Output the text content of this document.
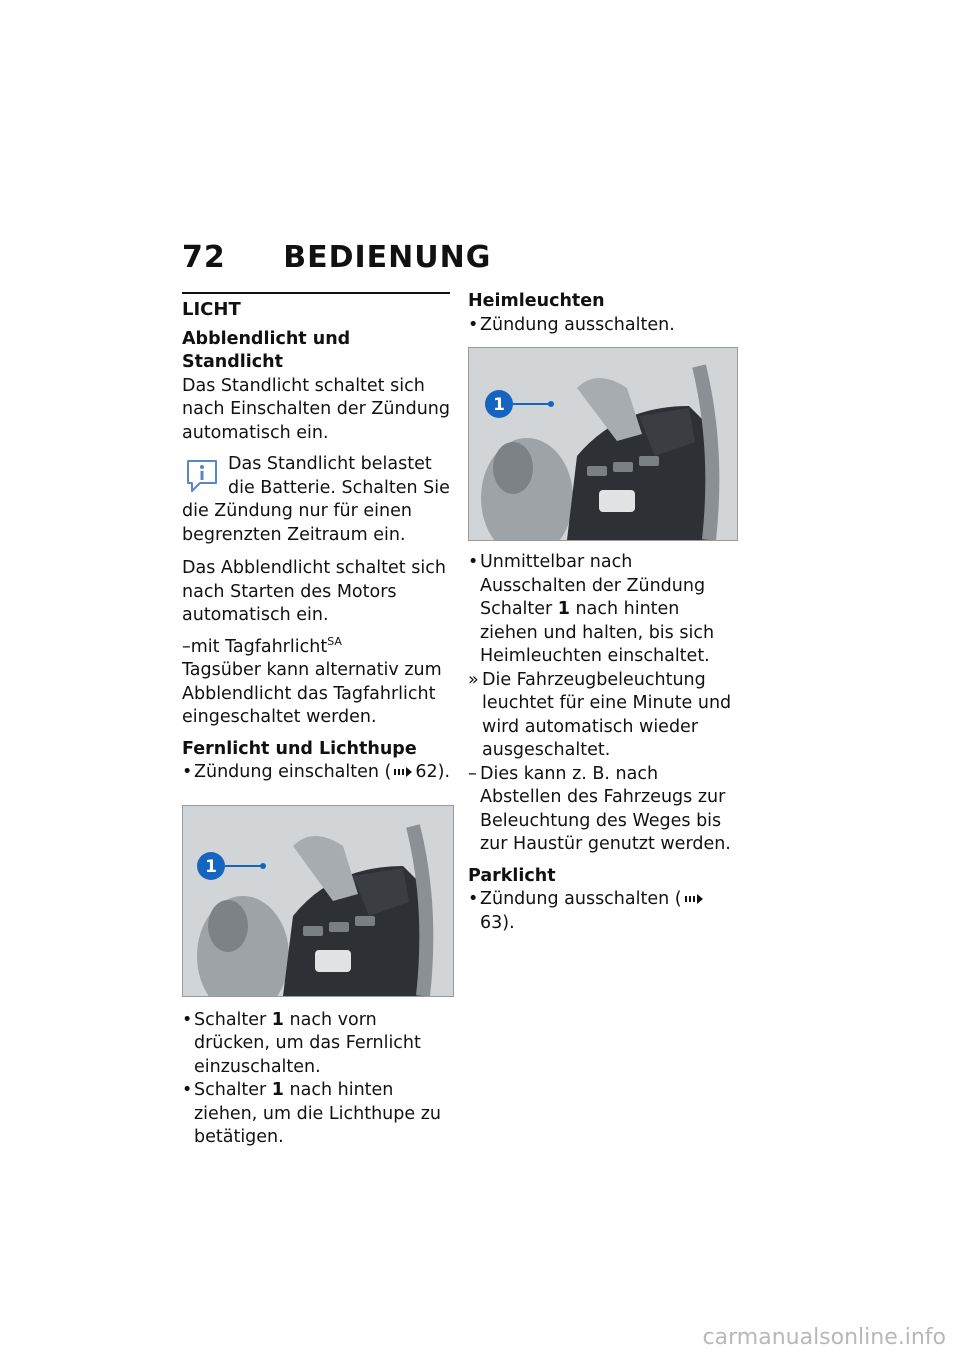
72 BEDIENUNG
LICHT
Abblendlicht und Standlicht

Das Standlicht schaltet sich nach Einschalten der Zündung automatisch ein.

Das Standlicht belastet die Batterie. Schalten Sie die Zündung nur für einen begrenzten Zeitraum ein.

Das Abblendlicht schaltet sich nach Starten des Motors automatisch ein.

–mit Tagfahrlicht$^{SA}$

Tagsüber kann alternativ zum Abblendlicht das Tagfahrlicht eingeschaltet werden.

Fernlicht und Lichthupe
• Zündung einschalten ( 62).
1
• Schalter 1 nach vorn drücken, um das Fernlicht einzuschalten.
• Schalter 1 nach hinten ziehen, um die Lichthupe zu betätigen.
Heimleuchten
• Zündung ausschalten.
1
• Unmittelbar nach Ausschalten der Zündung Schalter 1 nach hinten ziehen und halten, bis sich Heimleuchten einschaltet.
» Die Fahrzeugbeleuchtung leuchtet für eine Minute und wird automatisch wieder ausgeschaltet.
– Dies kann z. B. nach Abstellen des Fahrzeugs zur Beleuchtung des Weges bis zur Haustür genutzt werden.
Parklicht
• Zündung ausschalten (63).
carmanualsonline.info
